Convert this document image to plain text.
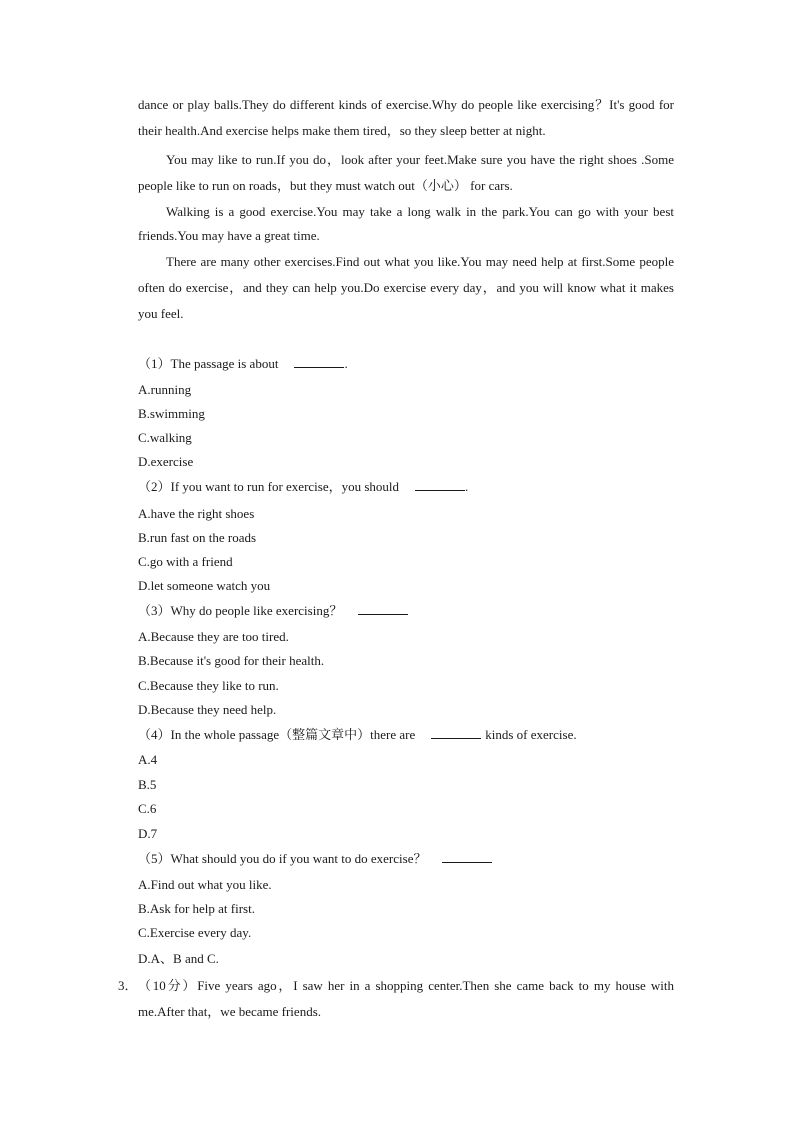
dance or play balls.They do different kinds of exercise.Why do people like exercising？It's good for their health.And exercise helps make them tired，so they sleep better at night.

You may like to run.If you do，look after your feet.Make sure you have the right shoes .Some people like to run on roads，but they must watch out（小心） for cars.

Walking is a good exercise.You may take a long walk in the park.You can go with your best friends.You may have a great time.

There are many other exercises.Find out what you like.You may need help at first.Some people often do exercise，and they can help you.Do exercise every day，and you will know what it makes you feel.

（1）The passage is about	.

A.running

B.swimming

C.walking

D.exercise

（2）If you want to run for exercise，you should	.

A.have the right shoes

B.run fast on the roads

C.go with a friend

D.let someone watch you

（3）Why do people like exercising？

A.Because they are too tired.

B.Because it's good for their health.

C.Because they like to run.

D.Because they need help.

（4）In the whole passage（整篇文章中）there are	kinds of exercise.

A.4

B.5

C.6

D.7

（5）What should you do if you want to do exercise？

A.Find out what you like.

B.Ask for help at first.

C.Exercise every day.

D.A、B and C.

3． （10分）Five years ago，I saw her in a shopping center.Then she came back to my house with me.After that，we became friends.
